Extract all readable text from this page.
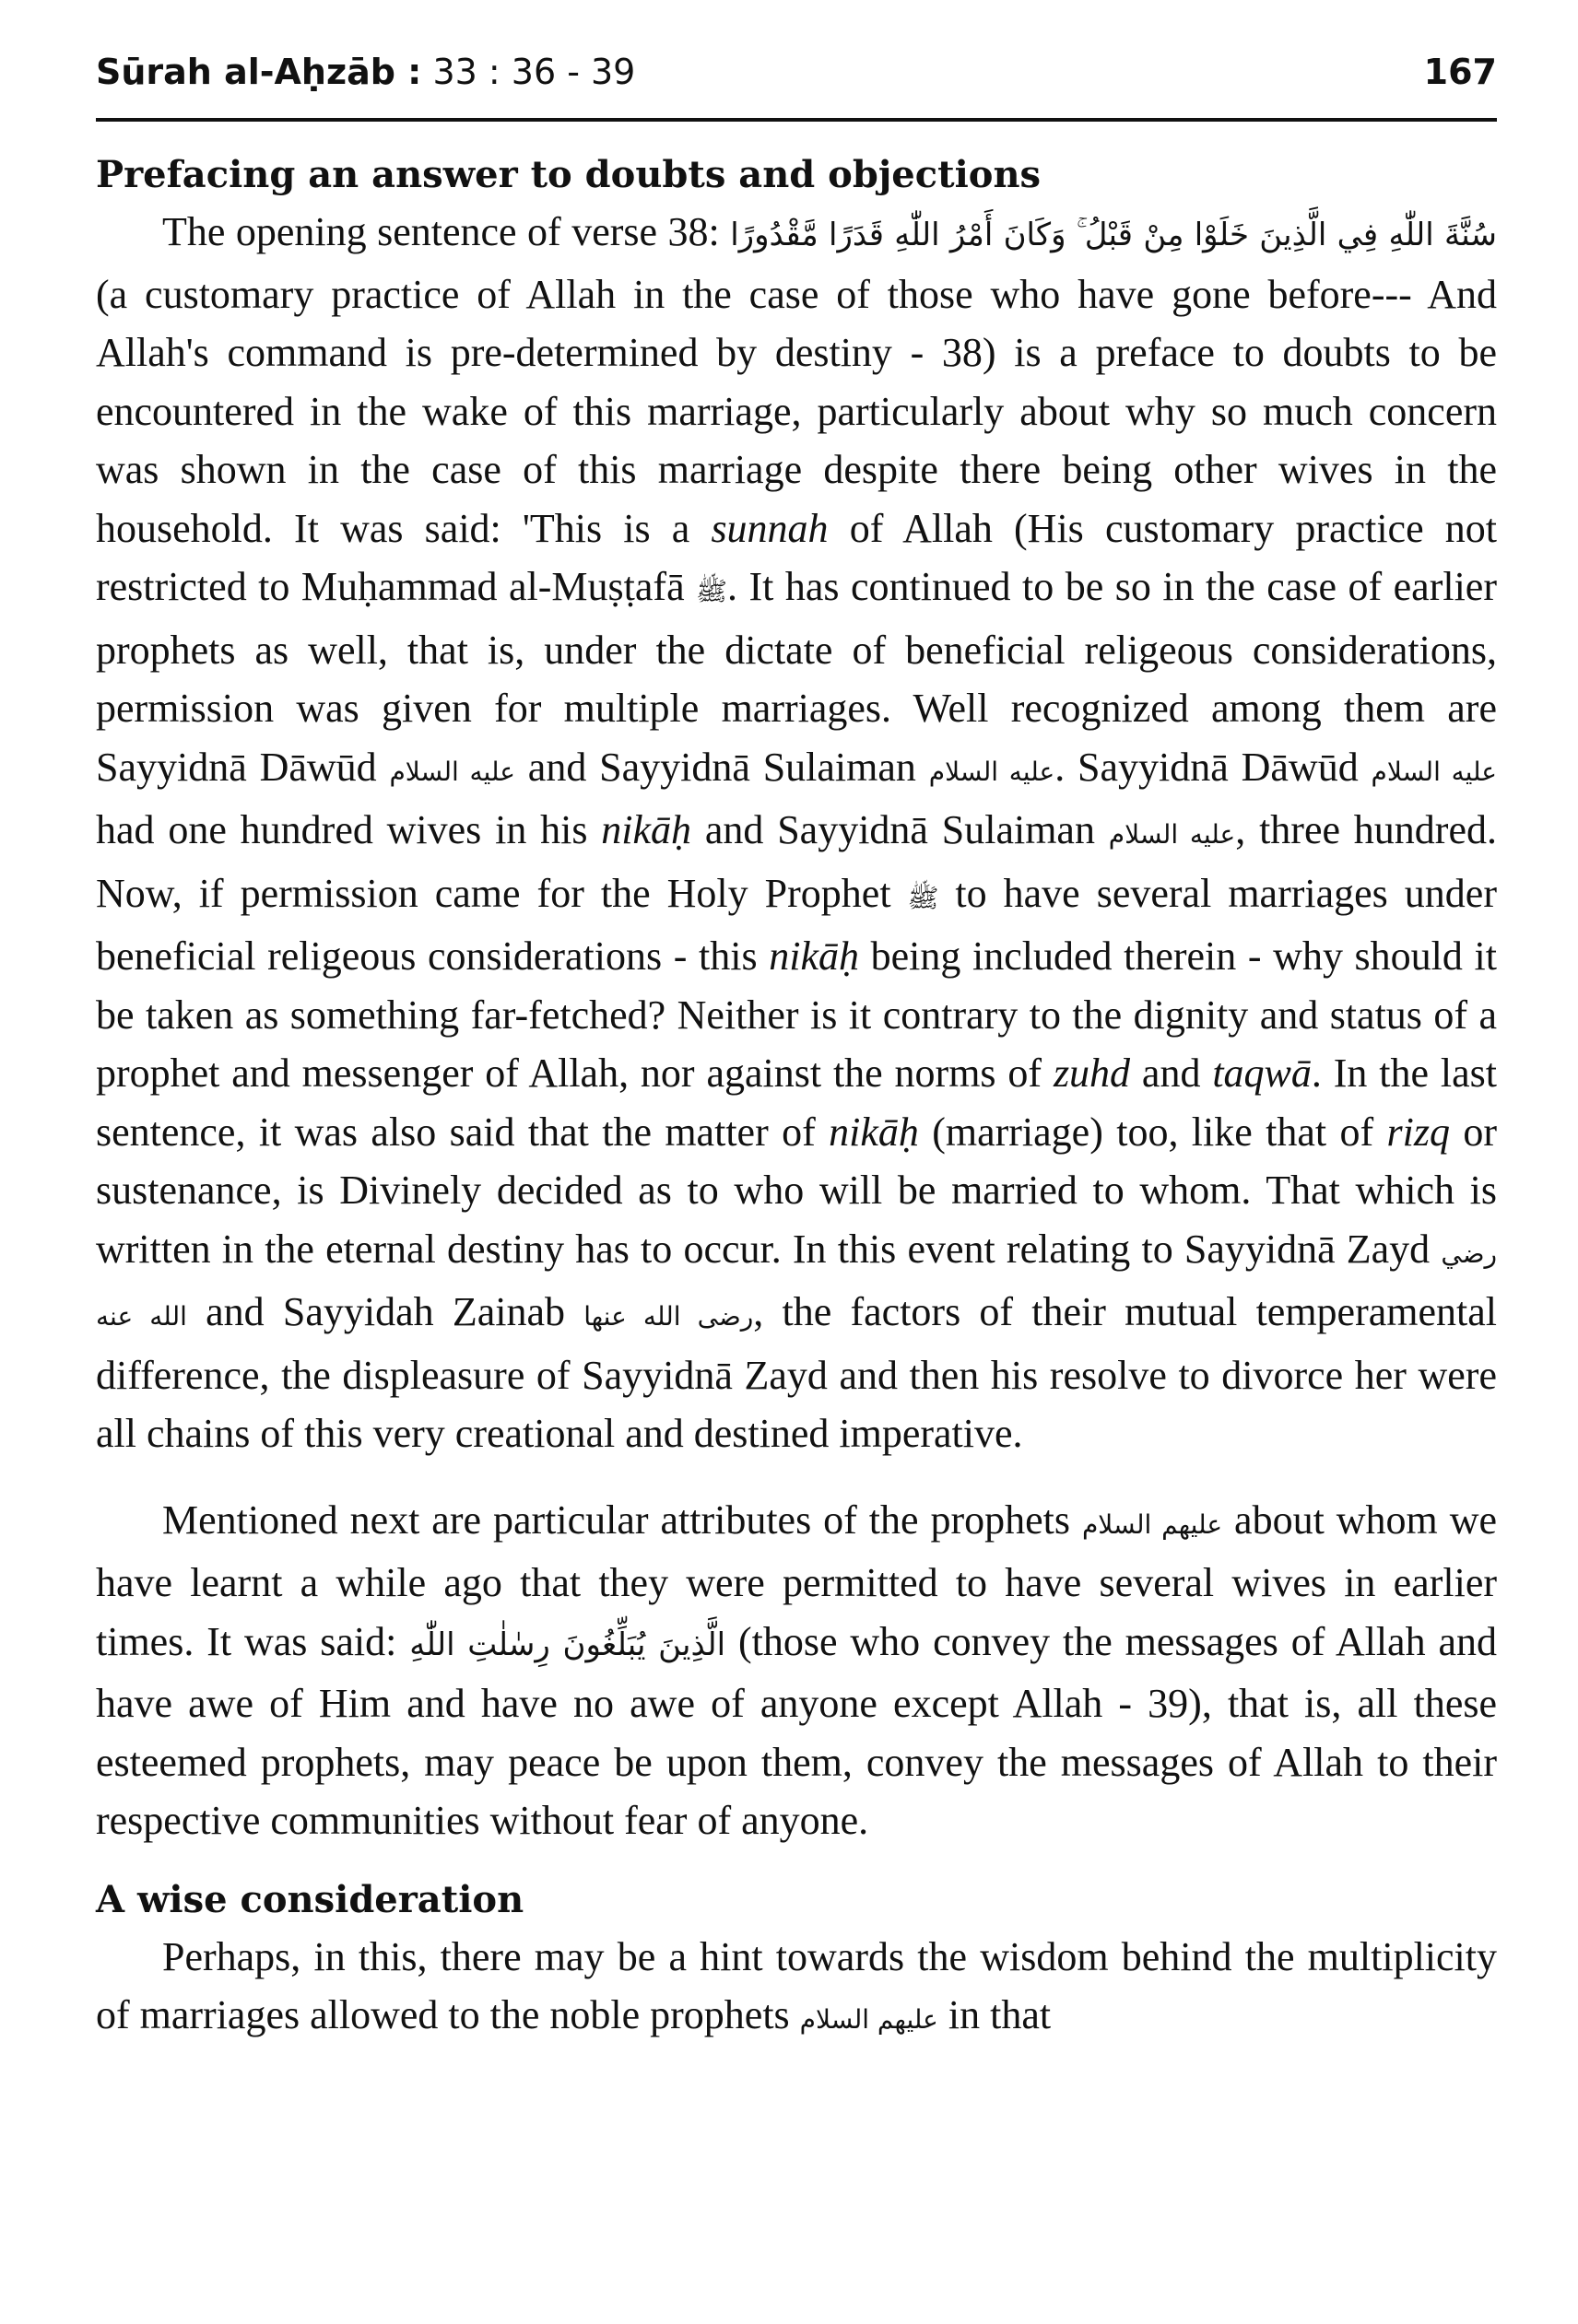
Sūrah al-Aḥzāb : 33 : 36 - 39	167
Prefacing an answer to doubts and objections

The opening sentence of verse 38: سُنَّةَ اللّٰهِ فِي الَّذِينَ خَلَوْا مِنْ قَبْلُ ۚ وَكَانَ أَمْرُ اللّٰهِ قَدَرًا مَّقْدُورًا (a customary practice of Allah in the case of those who have gone before--- And Allah's command is pre-determined by destiny - 38) is a preface to doubts to be encountered in the wake of this marriage, particularly about why so much concern was shown in the case of this marriage despite there being other wives in the household. It was said: 'This is a sunnah of Allah (His customary practice not restricted to Muḥammad al-Muṣṭafā ﷺ. It has continued to be so in the case of earlier prophets as well, that is, under the dictate of beneficial religeous considerations, permission was given for multiple marriages. Well recognized among them are Sayyidnā Dāwūd عليه السلام and Sayyidnā Sulaiman عليه السلام. Sayyidnā Dāwūd عليه السلام had one hundred wives in his nikāḥ and Sayyidnā Sulaiman عليه السلام, three hundred. Now, if permission came for the Holy Prophet ﷺ to have several marriages under beneficial religeous considerations - this nikāḥ being included therein - why should it be taken as something far-fetched? Neither is it contrary to the dignity and status of a prophet and messenger of Allah, nor against the norms of zuhd and taqwā. In the last sentence, it was also said that the matter of nikāḥ (marriage) too, like that of rizq or sustenance, is Divinely decided as to who will be married to whom. That which is written in the eternal destiny has to occur. In this event relating to Sayyidnā Zayd رضي الله عنه and Sayyidah Zainab رضى الله عنها, the factors of their mutual temperamental difference, the displeasure of Sayyidnā Zayd and then his resolve to divorce her were all chains of this very creational and destined imperative.

Mentioned next are particular attributes of the prophets عليهم السلام about whom we have learnt a while ago that they were permitted to have several wives in earlier times. It was said: الَّذِينَ يُبَلِّغُونَ رِسٰلٰتِ اللّٰهِ (those who convey the messages of Allah and have awe of Him and have no awe of anyone except Allah - 39), that is, all these esteemed prophets, may peace be upon them, convey the messages of Allah to their respective communities without fear of anyone.

A wise consideration

Perhaps, in this, there may be a hint towards the wisdom behind the multiplicity of marriages allowed to the noble prophets عليهم السلام in that
